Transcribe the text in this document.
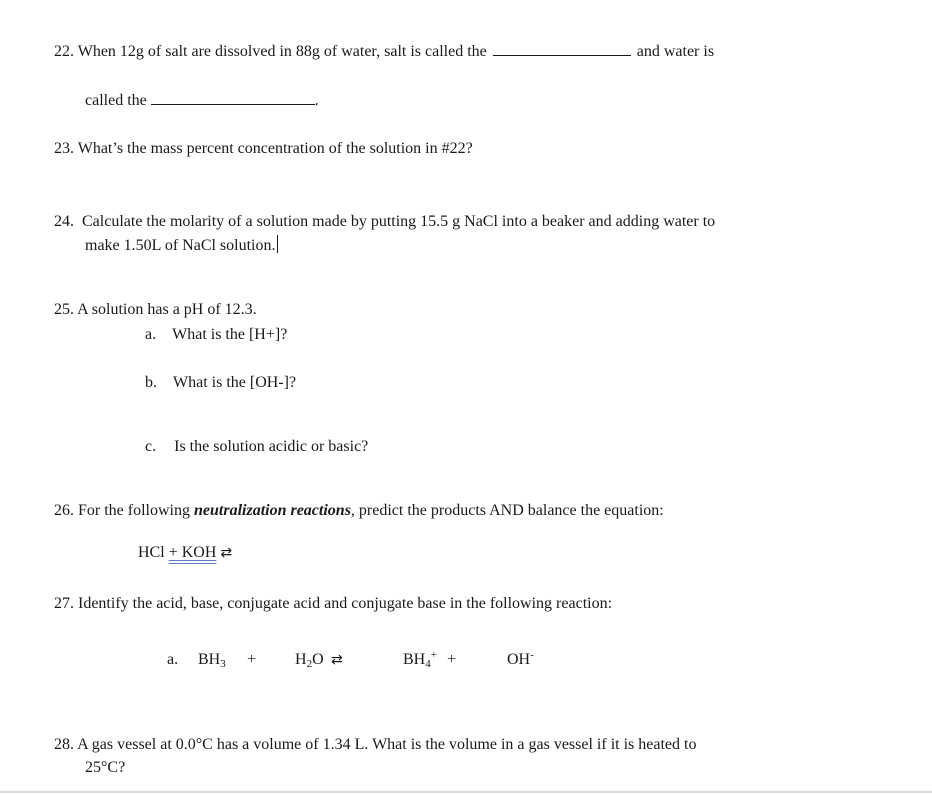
22. When 12g of salt are dissolved in 88g of water, salt is called the	and water is
called the	.
23. What’s the mass percent concentration of the solution in #22?
24. Calculate the molarity of a solution made by putting 15.5 g NaCl into a beaker and adding water to
make 1.50L of NaCl solution.
25. A solution has a pH of 12.3.
a. What is the [H+]?
b. What is the [OH-]?
c. Is the solution acidic or basic?
26. For the following neutralization reactions, predict the products AND balance the equation:
HCl + KOH ⇄
27. Identify the acid, base, conjugate acid and conjugate base in the following reaction:
a. $BH_3 + H_2O$ ⇄	$BH_4^+$ +	OH-
28. A gas vessel at 0.0°C has a volume of 1.34 L. What is the volume in a gas vessel if it is heated to
25°C?
